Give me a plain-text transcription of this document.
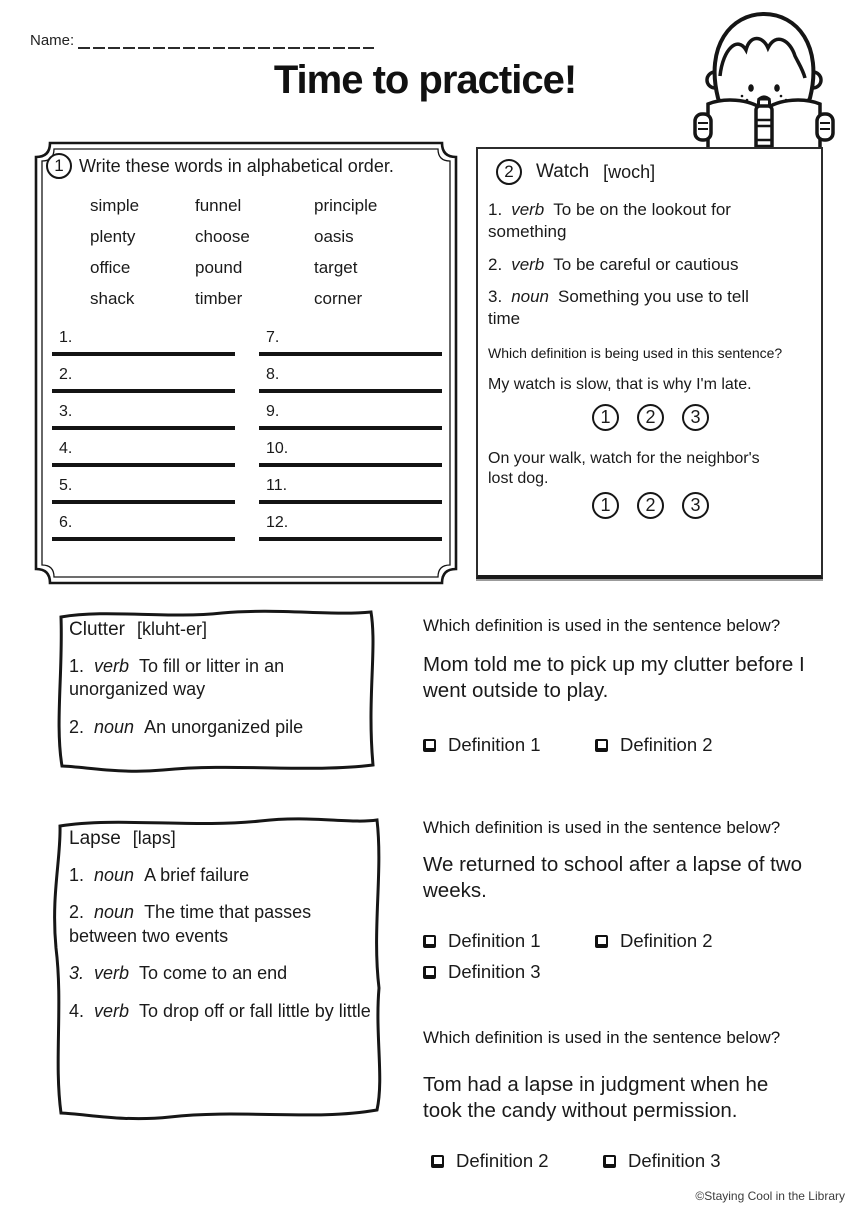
Name:
Time to practice!
1 Write these words in alphabetical order.
simple	funnel	principle
plenty	choose	oasis
office	pound	target
shack	timber	corner
1.
2.
3.
4.
5.
6.
7.
8.
9.
10.
11.
12.
2	Watch [woch]
1. verb To be on the lookout for something
2. verb To be careful or cautious
3. noun Something you use to tell time
Which definition is being used in this sentence?
My watch is slow, that is why I'm late.
1	2	3
On your walk, watch for the neighbor's lost dog.
1	2	3
Clutter [kluht-er]
1. verb To fill or litter in an unorganized way
2. noun An unorganized pile
Which definition is used in the sentence below?
Mom told me to pick up my clutter before I went outside to play.
Definition 1	Definition 2
Lapse [laps]
1. noun A brief failure
2. noun The time that passes between two events
3. verb To come to an end
4. verb To drop off or fall little by little
Which definition is used in the sentence below?
We returned to school after a lapse of two weeks.
Definition 1	Definition 2
Definition 3
Which definition is used in the sentence below?
Tom had a lapse in judgment when he took the candy without permission.
Definition 2	Definition 3
©Staying Cool in the Library
